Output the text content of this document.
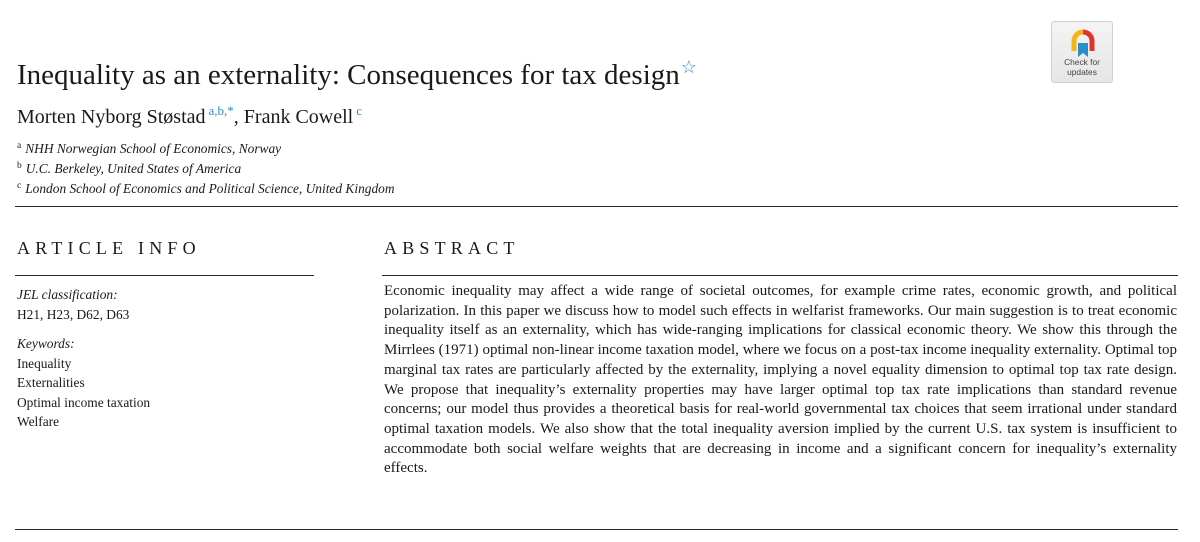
Check for
updates
Inequality as an externality: Consequences for tax design☆
Morten Nyborg Støstad $^{a,b,*}$, Frank Cowell $^c$
$^a$ NHH Norwegian School of Economics, Norway
$^b$ U.C. Berkeley, United States of America
$^c$ London School of Economics and Political Science, United Kingdom
ARTICLE INFO	ABSTRACT
JEL classification:
H21, H23, D62, D63
Keywords:
Inequality
Externalities
Optimal income taxation
Welfare
Economic inequality may affect a wide range of societal outcomes, for example crime rates, economic growth, and political polarization. In this paper we discuss how to model such effects in welfarist frameworks. Our main suggestion is to treat economic inequality itself as an externality, which has wide-ranging implications for classical economic theory. We show this through the Mirrlees (1971) optimal non-linear income taxation model, where we focus on a post-tax income inequality externality. Optimal top marginal tax rates are particularly affected by the externality, implying a novel equality dimension to optimal top tax rate design. We propose that inequality’s externality properties may have larger optimal top tax rate implications than standard revenue concerns; our model thus provides a theoretical basis for real-world governmental tax choices that seem irrational under standard optimal taxation models. We also show that the total inequality aversion implied by the current U.S. tax system is insufficient to accommodate both social welfare weights that are decreasing in income and a significant concern for inequality’s externality effects.
